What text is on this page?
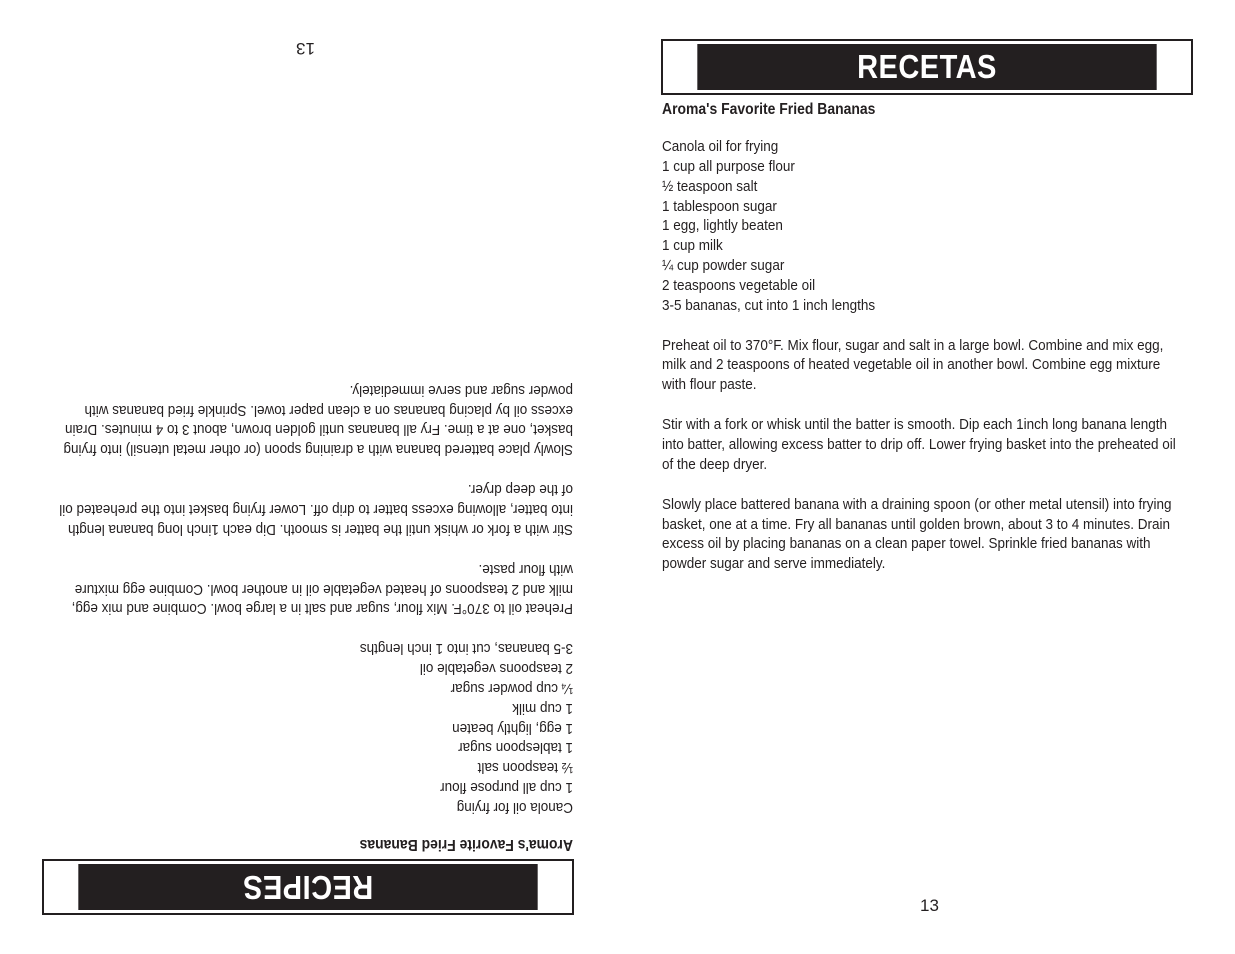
RECIPES
Aroma's Favorite Fried Bananas
Canola oil for frying
1 cup all purpose flour
½ teaspoon salt
1 tablespoon sugar
1 egg, lightly beaten
1 cup milk
¼ cup powder sugar
2 teaspoons vegetable oil
3-5 bananas, cut into 1 inch lengths

Preheat oil to 370°F. Mix flour, sugar and salt in a large bowl. Combine and mix egg, milk and 2 teaspoons of heated vegetable oil in another bowl. Combine egg mixture with flour paste.

Stir with a fork or whisk until the batter is smooth. Dip each 1inch long banana length into batter, allowing excess batter to drip off. Lower frying basket into the preheated oil of the deep dryer.

Slowly place battered banana with a draining spoon (or other metal utensil) into frying basket, one at a time. Fry all bananas until golden brown, about 3 to 4 minutes. Drain excess oil by placing bananas on a clean paper towel. Sprinkle fried bananas with powder sugar and serve immediately.

13	RECETAS
Aroma's Favorite Fried Bananas
Canola oil for frying
1 cup all purpose flour
½ teaspoon salt
1 tablespoon sugar
1 egg, lightly beaten
1 cup milk
¼ cup powder sugar
2 teaspoons vegetable oil
3-5 bananas, cut into 1 inch lengths

Preheat oil to 370°F. Mix flour, sugar and salt in a large bowl. Combine and mix egg, milk and 2 teaspoons of heated vegetable oil in another bowl. Combine egg mixture with flour paste.

Stir with a fork or whisk until the batter is smooth. Dip each 1inch long banana length into batter, allowing excess batter to drip off. Lower frying basket into the preheated oil of the deep dryer.

Slowly place battered banana with a draining spoon (or other metal utensil) into frying basket, one at a time. Fry all bananas until golden brown, about 3 to 4 minutes. Drain excess oil by placing bananas on a clean paper towel. Sprinkle fried bananas with powder sugar and serve immediately.

13
